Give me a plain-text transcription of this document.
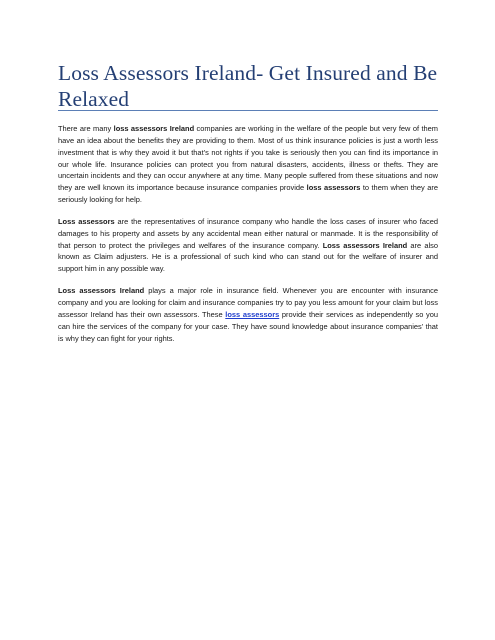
Loss Assessors Ireland- Get Insured and Be Relaxed

There are many loss assessors Ireland companies are working in the welfare of the people but very few of them have an idea about the benefits they are providing to them. Most of us think insurance policies is just a worth less investment that is why they avoid it but that’s not rights if you take is seriously then you can find its importance in our whole life. Insurance policies can protect you from natural disasters, accidents, illness or thefts. They are uncertain incidents and they can occur anywhere at any time. Many people suffered from these situations and now they are well known its importance because insurance companies provide loss assessors to them when they are seriously looking for help.

Loss assessors are the representatives of insurance company who handle the loss cases of insurer who faced damages to his property and assets by any accidental mean either natural or manmade. It is the responsibility of that person to protect the privileges and welfares of the insurance company. Loss assessors Ireland are also known as Claim adjusters. He is a professional of such kind who can stand out for the welfare of insurer and support him in any possible way.

Loss assessors Ireland plays a major role in insurance field. Whenever you are encounter with insurance company and you are looking for claim and insurance companies try to pay you less amount for your claim but loss assessor Ireland has their own assessors. These loss assessors provide their services as independently so you can hire the services of the company for your case. They have sound knowledge about insurance companies’ that is why they can fight for your rights.
